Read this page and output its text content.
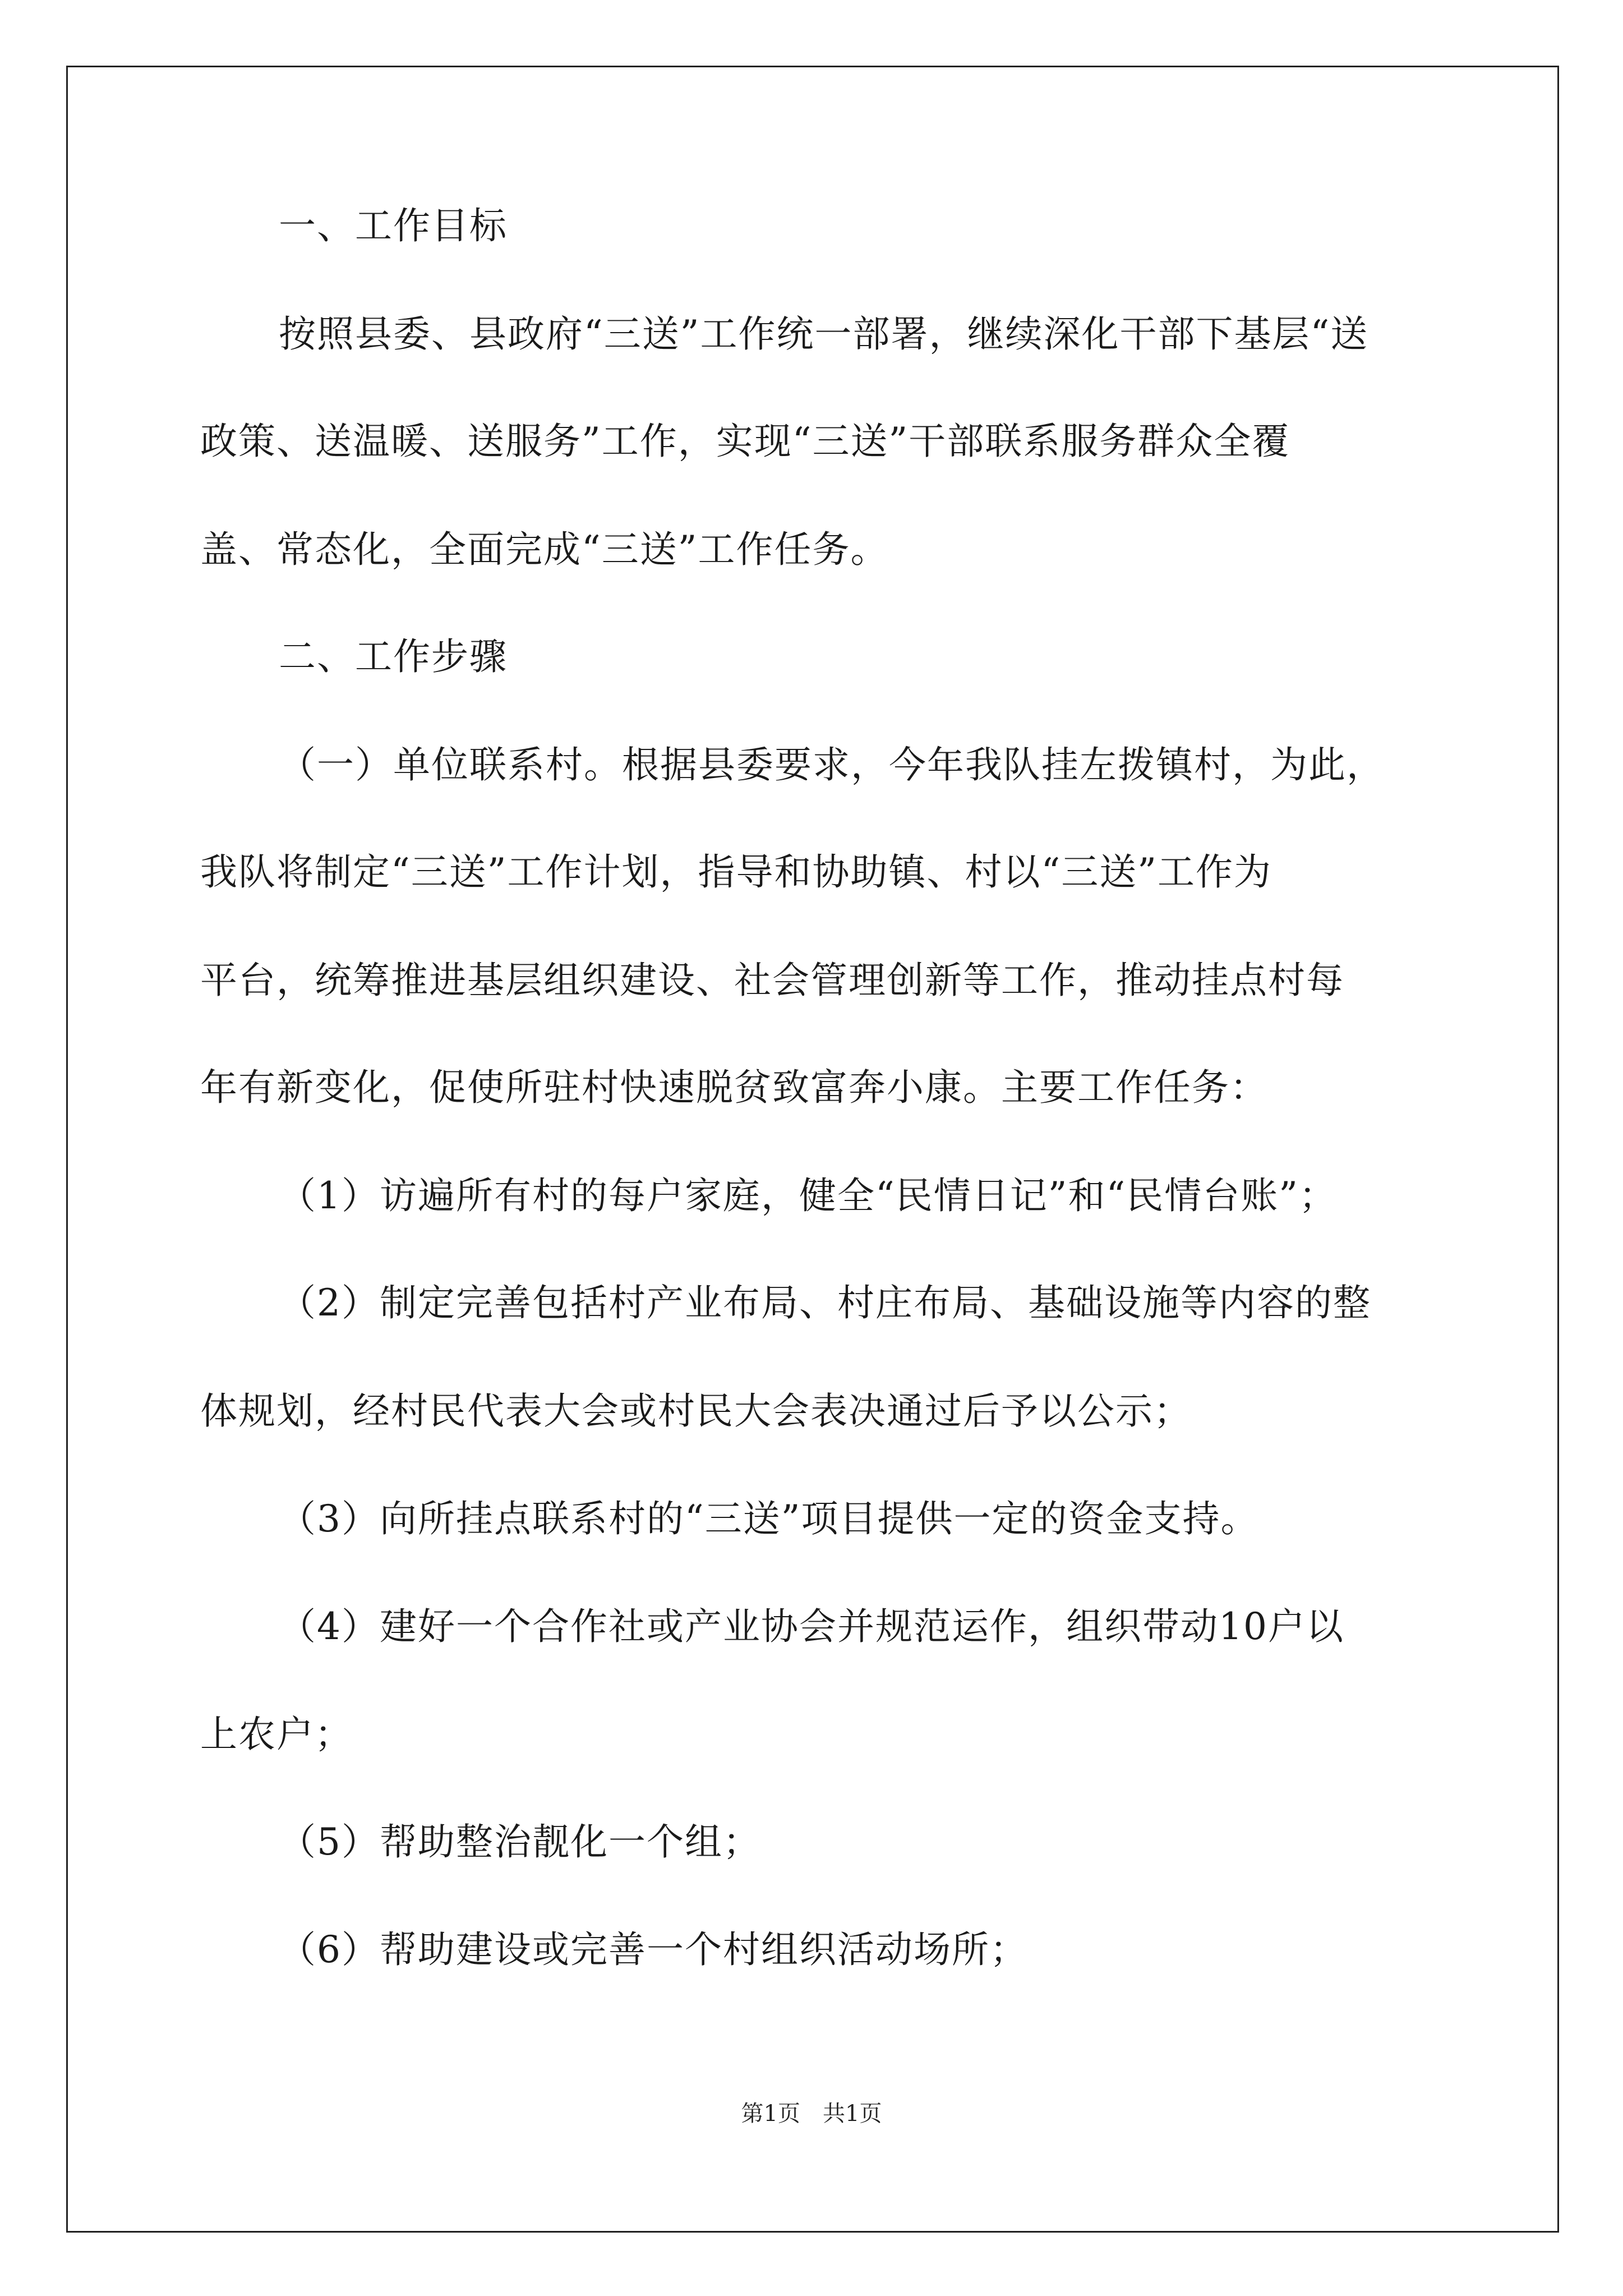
一、工作目标
按照县委、县政府“三送”工作统一部署，继续深化干部下基层“送
政策、送温暖、送服务”工作，实现“三送”干部联系服务群众全覆
盖、常态化，全面完成“三送”工作任务。
二、工作步骤
（一）单位联系村。根据县委要求，今年我队挂左拨镇村，为此，
我队将制定“三送”工作计划，指导和协助镇、村以“三送”工作为
平台，统筹推进基层组织建设、社会管理创新等工作，推动挂点村每
年有新变化，促使所驻村快速脱贫致富奔小康。主要工作任务：
（1）访遍所有村的每户家庭，健全“民情日记”和“民情台账”；
（2）制定完善包括村产业布局、村庄布局、基础设施等内容的整
体规划，经村民代表大会或村民大会表决通过后予以公示；
（3）向所挂点联系村的“三送”项目提供一定的资金支持。
（4）建好一个合作社或产业协会并规范运作，组织带动10户以
上农户；
（5）帮助整治靓化一个组；
（6）帮助建设或完善一个村组织活动场所；
第1页　共1页
